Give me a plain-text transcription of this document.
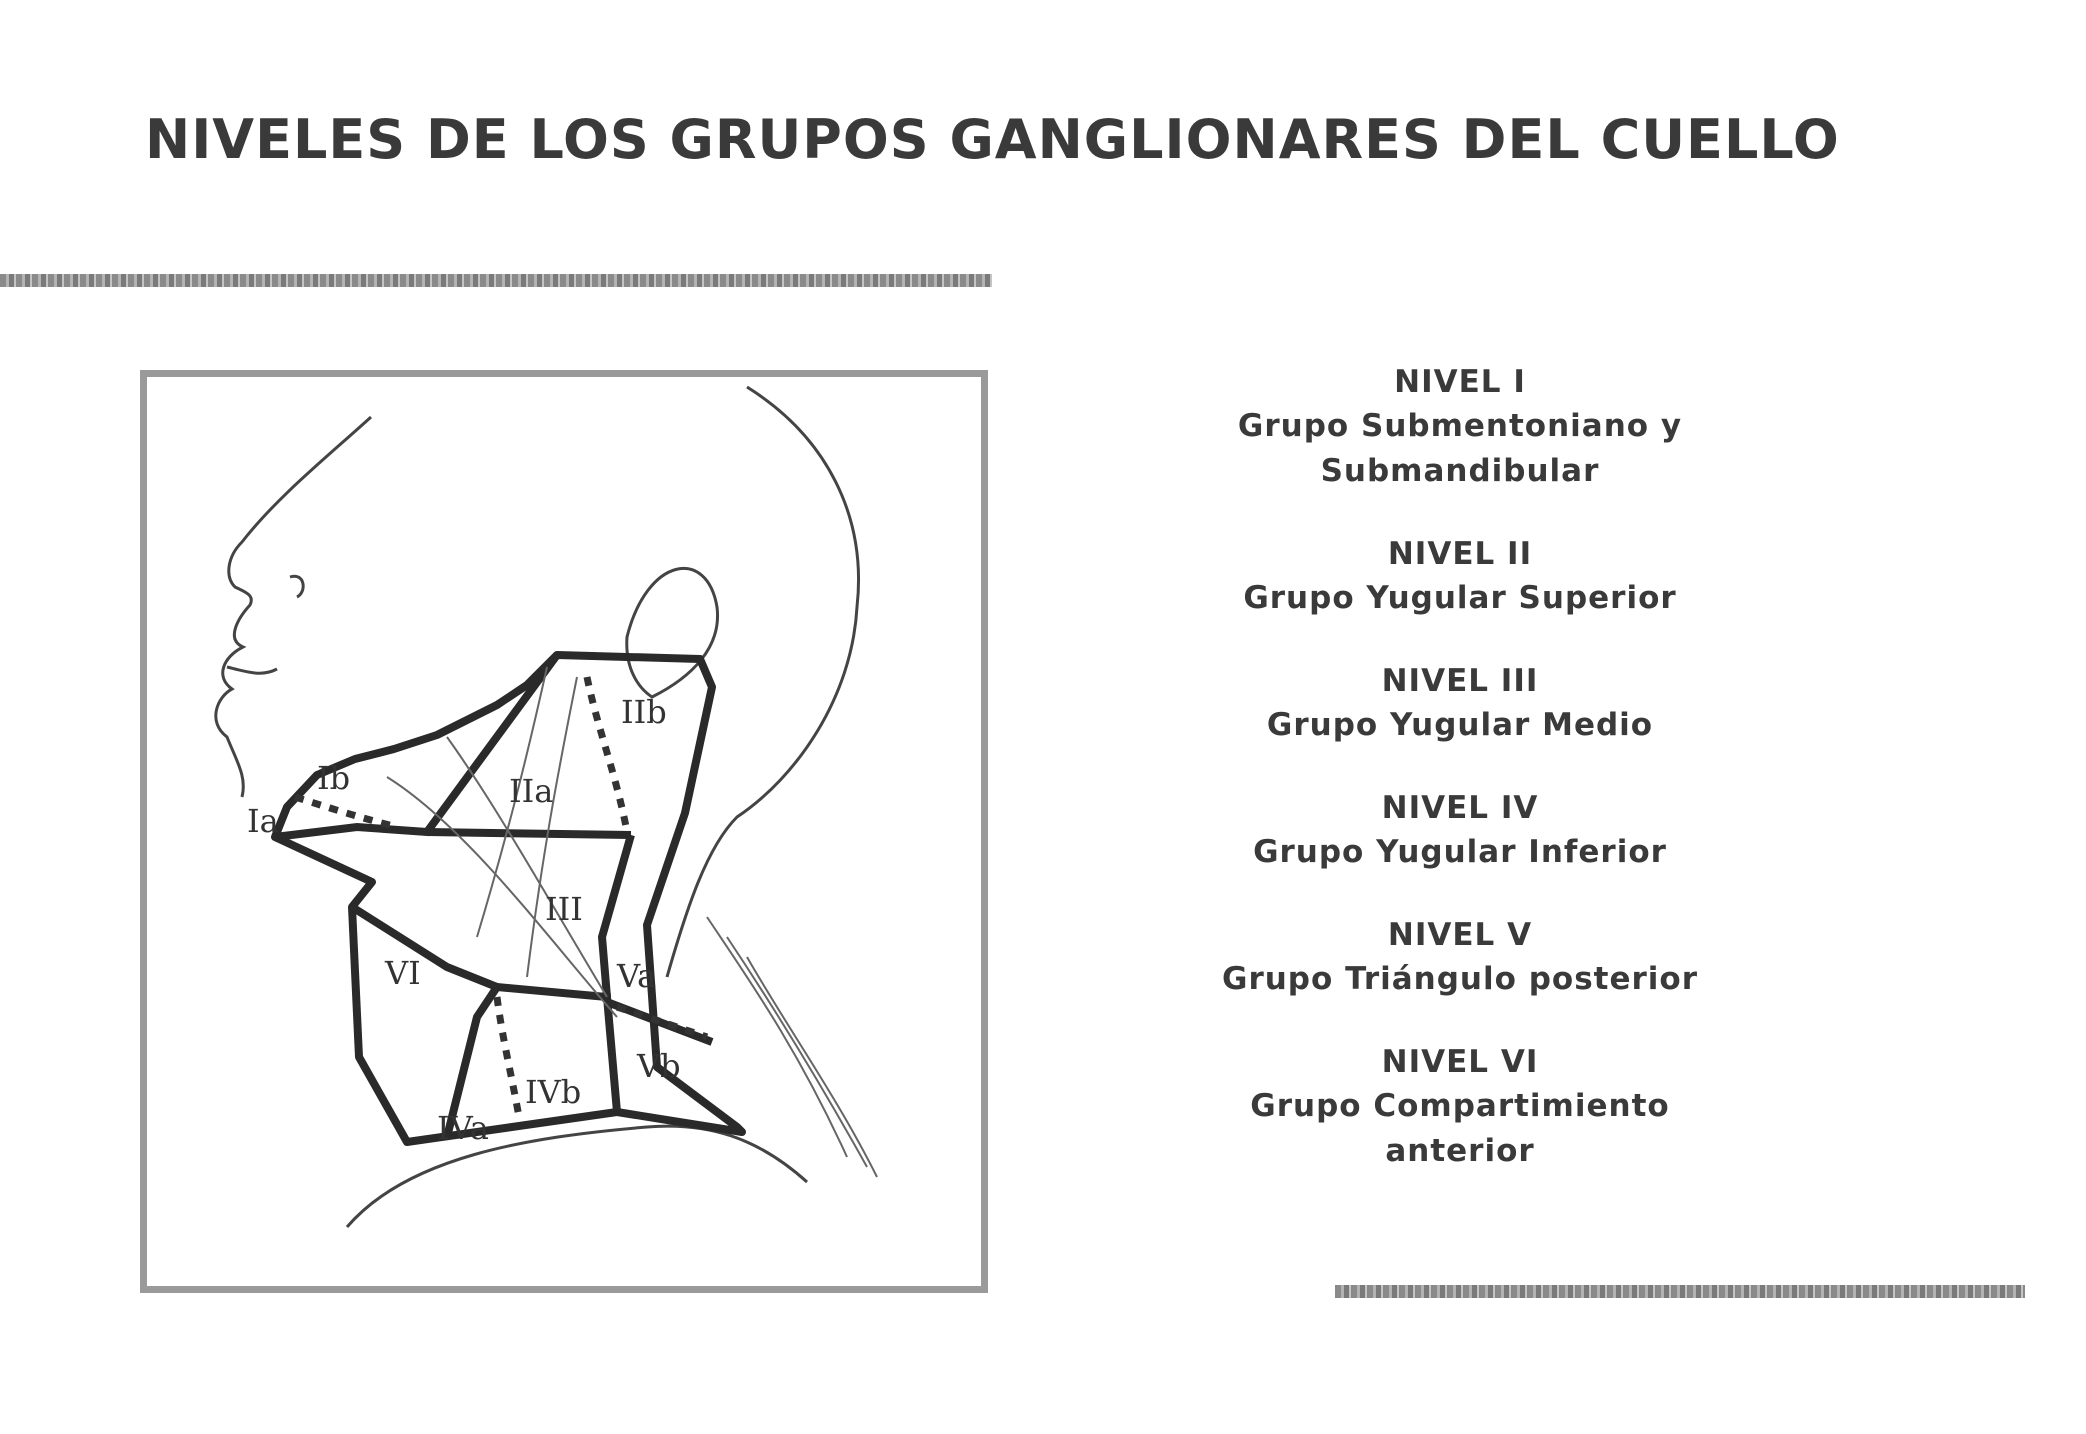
NIVELES DE LOS GRUPOS GANGLIONARES DEL CUELLO
Ia
Ib	IIa
IIb
III
VI	Va
Vb
IVa
IVb
NIVEL I
Grupo Submentoniano y Submandibular
NIVEL II
Grupo Yugular Superior
NIVEL III
Grupo Yugular Medio
NIVEL IV
Grupo Yugular Inferior
NIVEL V
Grupo Triángulo posterior
NIVEL VI
Grupo Compartimiento anterior
